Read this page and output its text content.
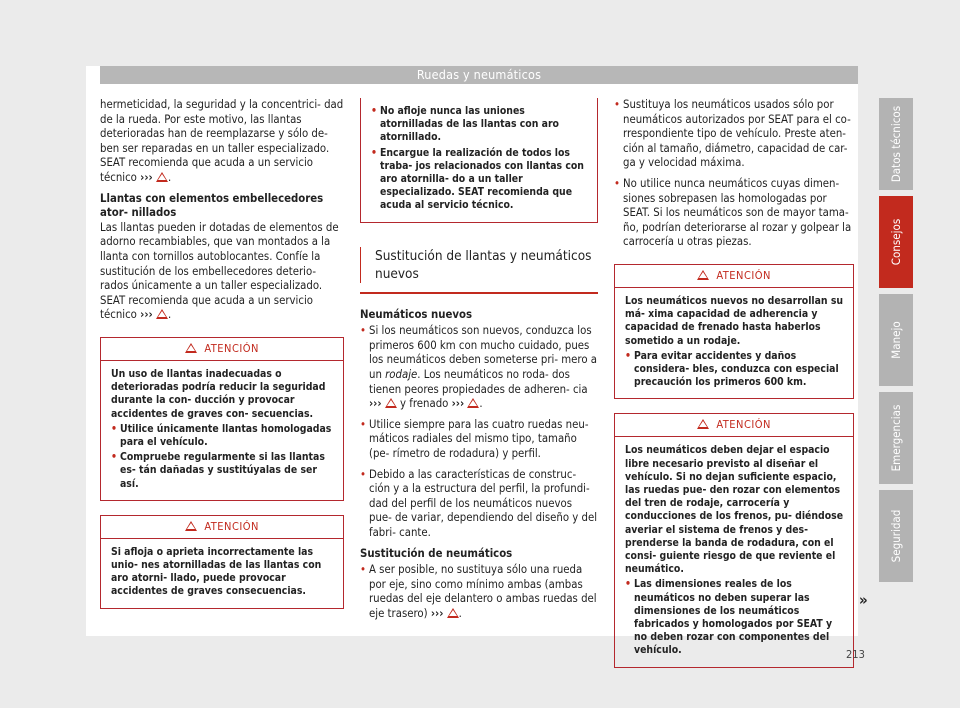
Ruedas y neumáticos

hermeticidad, la seguridad y la concentrici- dad de la rueda. Por este motivo, las llantas deterioradas han de reemplazarse y sólo de- ben ser reparadas en un taller especializado. SEAT recomienda que acuda a un servicio técnico ››› .

Llantas con elementos embellecedores ator- nillados

Las llantas pueden ir dotadas de elementos de adorno recambiables, que van montados a la llanta con tornillos autoblocantes. Confíe la sustitución de los embellecedores deterio- rados únicamente a un taller especializado. SEAT recomienda que acuda a un servicio técnico ››› .

ATENCIÓN

Un uso de llantas inadecuadas o deterioradas podría reducir la seguridad durante la con- ducción y provocar accidentes de graves con- secuencias.

• Utilice únicamente llantas homologadas para el vehículo.

• Compruebe regularmente si las llantas es- tán dañadas y sustitúyalas de ser así.

ATENCIÓN

Si afloja o aprieta incorrectamente las unio- nes atornilladas de las llantas con aro atorni- llado, puede provocar accidentes de graves consecuencias.

• No afloje nunca las uniones atornilladas de las llantas con aro atornillado.

• Encargue la realización de todos los traba- jos relacionados con llantas con aro atornilla- do a un taller especializado. SEAT recomienda que acuda al servicio técnico.

Sustitución de llantas y neumáticos nuevos

Neumáticos nuevos

• Si los neumáticos son nuevos, conduzca los primeros 600 km con mucho cuidado, pues los neumáticos deben someterse pri- mero a un rodaje. Los neumáticos no roda- dos tienen peores propiedades de adheren- cia ››› y frenado ››› .

• Utilice siempre para las cuatro ruedas neu- máticos radiales del mismo tipo, tamaño (pe- rímetro de rodadura) y perfil.

• Debido a las características de construc- ción y a la estructura del perfil, la profundi- dad del perfil de los neumáticos nuevos pue- de variar, dependiendo del diseño y del fabri- cante.

Sustitución de neumáticos

• A ser posible, no sustituya sólo una rueda por eje, sino como mínimo ambas (ambas ruedas del eje delantero o ambas ruedas del eje trasero) ››› .

• Sustituya los neumáticos usados sólo por neumáticos autorizados por SEAT para el co- rrespondiente tipo de vehículo. Preste aten- ción al tamaño, diámetro, capacidad de car- ga y velocidad máxima.

• No utilice nunca neumáticos cuyas dimen- siones sobrepasen las homologadas por SEAT. Si los neumáticos son de mayor tama- ño, podrían deteriorarse al rozar y golpear la carrocería u otras piezas.

ATENCIÓN

Los neumáticos nuevos no desarrollan su má- xima capacidad de adherencia y capacidad de frenado hasta haberlos sometido a un rodaje.

• Para evitar accidentes y daños considera- bles, conduzca con especial precaución los primeros 600 km.

ATENCIÓN

Los neumáticos deben dejar el espacio libre necesario previsto al diseñar el vehículo. Si no dejan suficiente espacio, las ruedas pue- den rozar con elementos del tren de rodaje, carrocería y conducciones de los frenos, pu- diéndose averiar el sistema de frenos y des- prenderse la banda de rodadura, con el consi- guiente riesgo de que reviente el neumático.

• Las dimensiones reales de los neumáticos no deben superar las dimensiones de los neumáticos fabricados y homologados por SEAT y no deben rozar con componentes del vehículo.

»
Datos técnicos
Consejos
Manejo
Emergencias
Seguridad
213
